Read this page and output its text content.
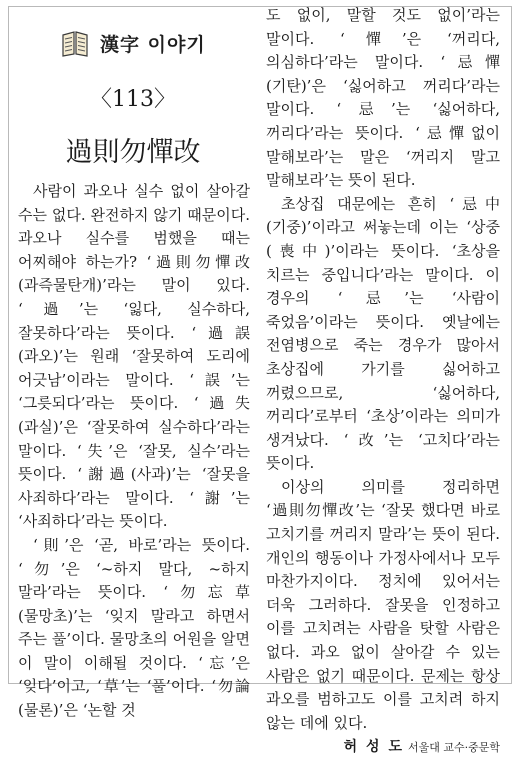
漢字 이야기
〈113〉
過則勿憚改

사람이 과오나 실수 없이 살아갈 수는 없다. 완전하지 않기 때문이다. 과오나 실수를 범했을 때는 어찌해야 하는가? ‘過則勿憚改(과즉물탄개)’라는 말이 있다. ‘過’는 ‘잃다, 실수하다, 잘못하다’라는 뜻이다. ‘過誤(과오)’는 원래 ‘잘못하여 도리에 어긋남’이라는 말이다. ‘誤’는 ‘그릇되다’라는 뜻이다. ‘過失(과실)’은 ‘잘못하여 실수하다’라는 말이다. ‘失’은 ‘잘못, 실수’라는 뜻이다. ‘謝過(사과)’는 ‘잘못을 사죄하다’라는 말이다. ‘謝’는 ‘사죄하다’라는 뜻이다.

‘則’은 ‘곧, 바로’라는 뜻이다. ‘勿’은 ‘~하지 말다, ~하지 말라’라는 뜻이다. ‘勿忘草(물망초)’는 ‘잊지 말라고 하면서 주는 풀’이다. 물망초의 어원을 알면 이 말이 이해될 것이다. ‘忘’은 ‘잊다’이고, ‘草’는 ‘풀’이다. ‘勿論(물론)’은 ‘논할 것

도 없이, 말할 것도 없이’라는 말이다. ‘憚’은 ‘꺼리다, 의심하다’라는 말이다. ‘忌憚(기탄)’은 ‘싫어하고 꺼리다’라는 말이다. ‘忌’는 ‘싫어하다, 꺼리다’라는 뜻이다. ‘忌憚없이 말해보라’는 말은 ‘꺼리지 말고 말해보라’는 뜻이 된다.

초상집 대문에는 흔히 ‘忌中(기중)’이라고 써놓는데 이는 ‘상중(喪中)’이라는 뜻이다. ‘초상을 치르는 중입니다’라는 말이다. 이 경우의 ‘忌’는 ‘사람이 죽었음’이라는 뜻이다. 옛날에는 전염병으로 죽는 경우가 많아서 초상집에 가기를 싫어하고 꺼렸으므로, ‘싫어하다, 꺼리다’로부터 ‘초상’이라는 의미가 생겨났다. ‘改’는 ‘고치다’라는 뜻이다.

이상의 의미를 정리하면 ‘過則勿憚改’는 ‘잘못 했다면 바로 고치기를 꺼리지 말라’는 뜻이 된다. 개인의 행동이나 가정사에서나 모두 마찬가지이다. 정치에 있어서는 더욱 그러하다. 잘못을 인정하고 이를 고치려는 사람을 탓할 사람은 없다. 과오 없이 살아갈 수 있는 사람은 없기 때문이다. 문제는 항상 과오를 범하고도 이를 고치려 하지 않는 데에 있다.

허 성 도 서울대 교수·중문학
